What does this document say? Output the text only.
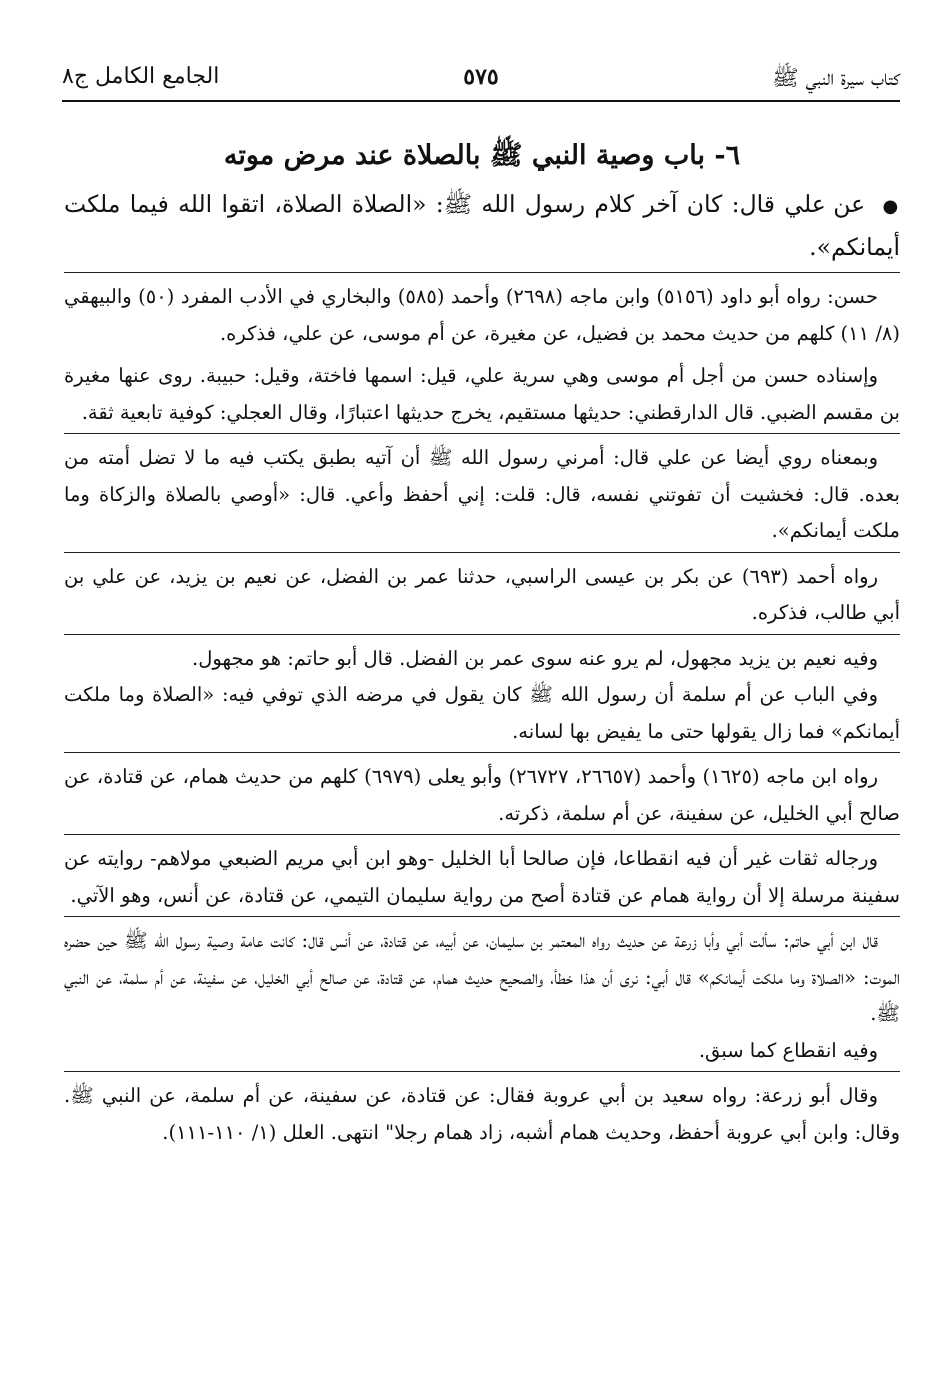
كتاب سيرة النبي ﷺ
٥٧٥
الجامع الكامل ج٨
٦- باب وصية النبي ﷺ بالصلاة عند مرض موته
● عن علي قال: كان آخر كلام رسول الله ﷺ: «الصلاة الصلاة، اتقوا الله فيما ملكت أيمانكم».

حسن: رواه أبو داود (٥١٥٦) وابن ماجه (٢٦٩٨) وأحمد (٥٨٥) والبخاري في الأدب المفرد (٥٠) والبيهقي (٨/ ١١) كلهم من حديث محمد بن فضيل، عن مغيرة، عن أم موسى، عن علي، فذكره.

وإسناده حسن من أجل أم موسى وهي سرية علي، قيل: اسمها فاختة، وقيل: حبيبة. روى عنها مغيرة بن مقسم الضبي. قال الدارقطني: حديثها مستقيم، يخرج حديثها اعتبارًا، وقال العجلي: كوفية تابعية ثقة.

وبمعناه روي أيضا عن علي قال: أمرني رسول الله ﷺ أن آتيه بطبق يكتب فيه ما لا تضل أمته من بعده. قال: فخشيت أن تفوتني نفسه، قال: قلت: إني أحفظ وأعي. قال: «أوصي بالصلاة والزكاة وما ملكت أيمانكم».

رواه أحمد (٦٩٣) عن بكر بن عيسى الراسبي، حدثنا عمر بن الفضل، عن نعيم بن يزيد، عن علي بن أبي طالب، فذكره.

وفيه نعيم بن يزيد مجهول، لم يرو عنه سوى عمر بن الفضل. قال أبو حاتم: هو مجهول.

وفي الباب عن أم سلمة أن رسول الله ﷺ كان يقول في مرضه الذي توفي فيه: «الصلاة وما ملكت أيمانكم» فما زال يقولها حتى ما يفيض بها لسانه.

رواه ابن ماجه (١٦٢٥) وأحمد (٢٦٦٥٧، ٢٦٧٢٧) وأبو يعلى (٦٩٧٩) كلهم من حديث همام، عن قتادة، عن صالح أبي الخليل، عن سفينة، عن أم سلمة، ذكرته.

ورجاله ثقات غير أن فيه انقطاعا، فإن صالحا أبا الخليل -وهو ابن أبي مريم الضبعي مولاهم- روايته عن سفينة مرسلة إلا أن رواية همام عن قتادة أصح من رواية سليمان التيمي، عن قتادة، عن أنس، وهو الآتي.

قال ابن أبي حاتم: سألت أبي وأبا زرعة عن حديث رواه المعتمر بن سليمان، عن أبيه، عن قتادة، عن أنس قال: كانت عامة وصية رسول الله ﷺ حين حضره الموت: «الصلاة وما ملكت أيمانكم» قال أبي: نرى أن هذا خطأ، والصحيح حديث همام، عن قتادة، عن صالح أبي الخليل، عن سفينة، عن أم سلمة، عن النبي ﷺ.

وفيه انقطاع كما سبق.

وقال أبو زرعة: رواه سعيد بن أبي عروبة فقال: عن قتادة، عن سفينة، عن أم سلمة، عن النبي ﷺ. وقال: وابن أبي عروبة أحفظ، وحديث همام أشبه، زاد همام رجلا" انتهى. العلل (١/ ١١٠-١١١).
